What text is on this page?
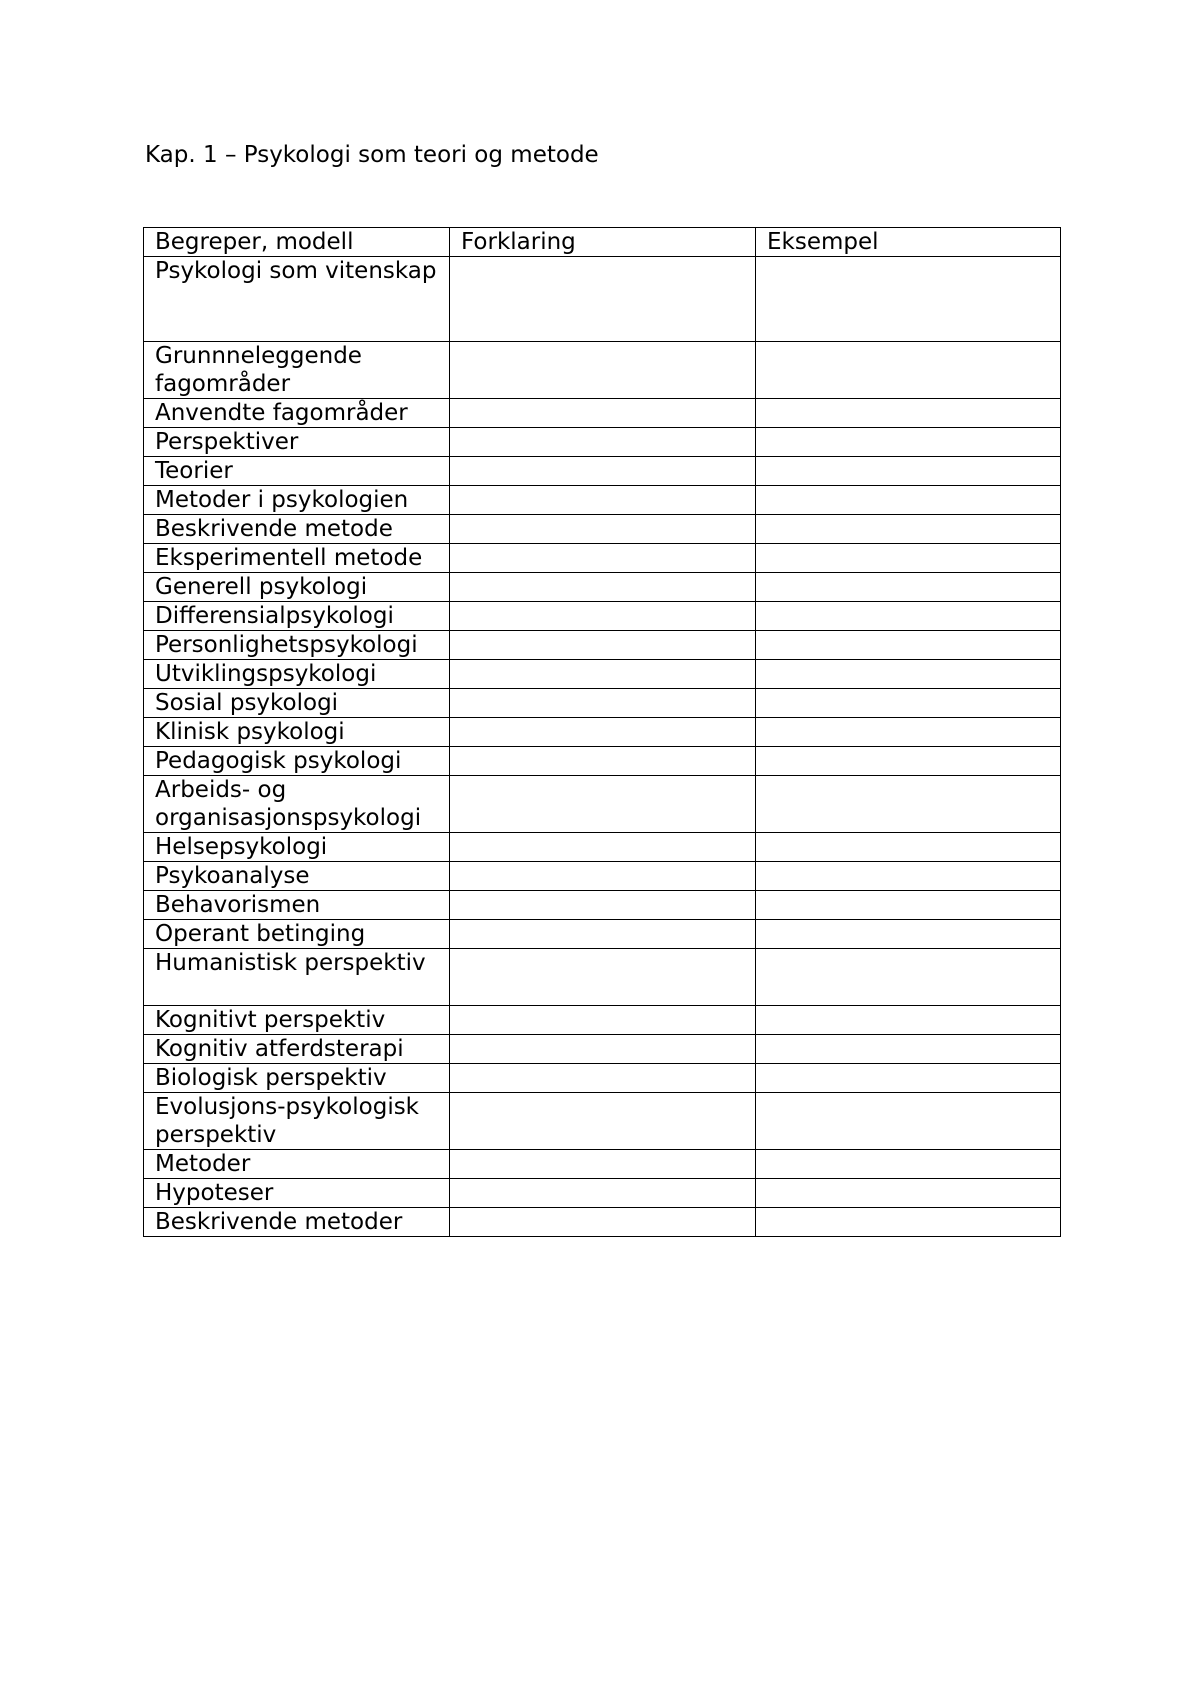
Kap. 1 – Psykologi som teori og metode
Begreper, modell	Forklaring	Eksempel
Psykologi som vitenskap		
Grunnneleggende fagområder		
Anvendte fagområder		
Perspektiver		
Teorier		
Metoder i psykologien		
Beskrivende metode		
Eksperimentell metode		
Generell psykologi		
Differensialpsykologi		
Personlighetspsykologi		
Utviklingspsykologi		
Sosial psykologi		
Klinisk psykologi		
Pedagogisk psykologi		
Arbeids- og organisasjonspsykologi		
Helsepsykologi		
Psykoanalyse		
Behavorismen		
Operant betinging		
Humanistisk perspektiv		
Kognitivt perspektiv		
Kognitiv atferdsterapi		
Biologisk perspektiv		
Evolusjons-psykologisk perspektiv		
Metoder		
Hypoteser		
Beskrivende metoder		
